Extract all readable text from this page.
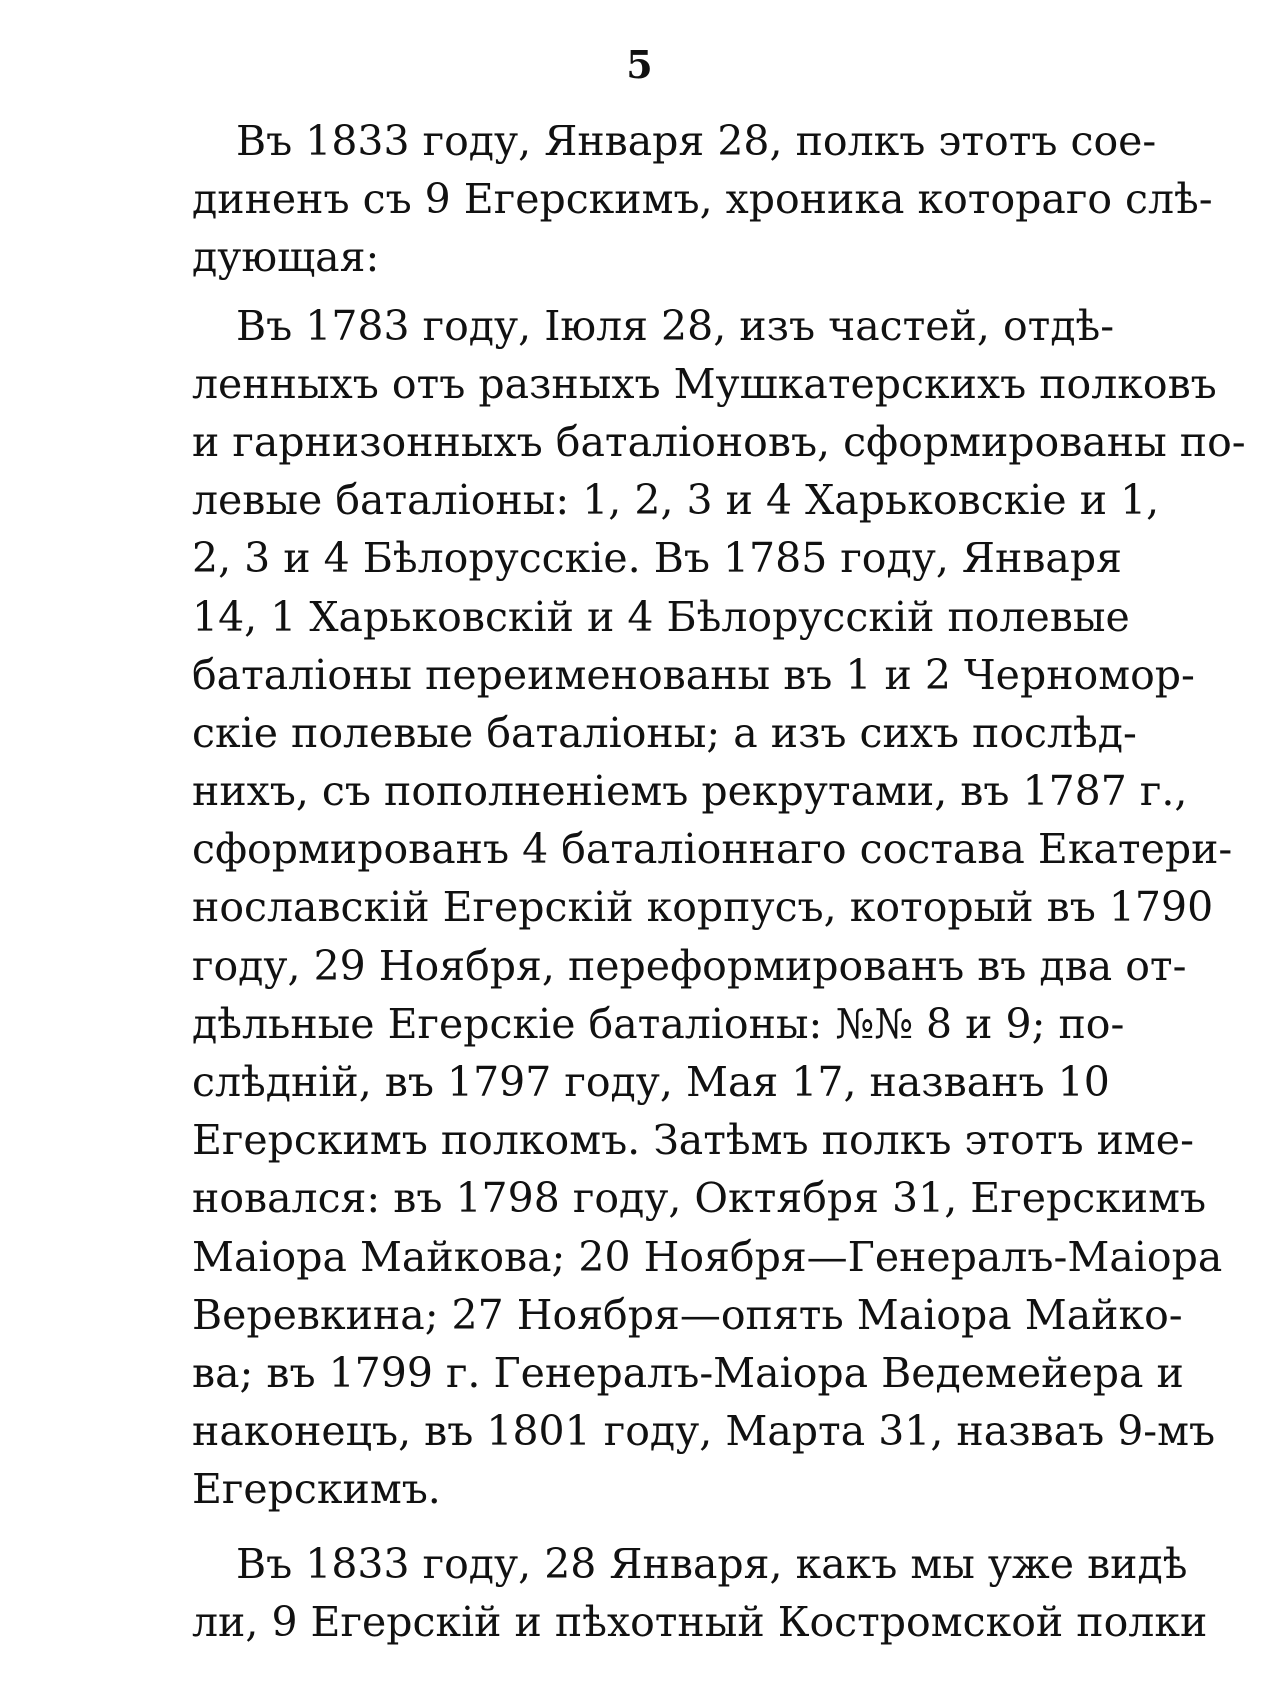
5
Въ 1833 году, Января 28, полкъ этотъ сое-
диненъ съ 9 Егерскимъ, хроника котораго слѣ-
дующая:
Въ 1783 году, Іюля 28, изъ частей, отдѣ-
ленныхъ отъ разныхъ Мушкатерскихъ полковъ
и гарнизонныхъ баталіоновъ, сформированы по-
левые баталіоны: 1, 2, 3 и 4 Харьковскіе и 1,
2, 3 и 4 Бѣлорусскіе. Въ 1785 году, Января
14, 1 Харьковскій и 4 Бѣлорусскій полевые
баталіоны переименованы въ 1 и 2 Черномор-
скіе полевые баталіоны; а изъ сихъ послѣд-
нихъ, съ пополненіемъ рекрутами, въ 1787 г.,
сформированъ 4 баталіоннаго состава Екатери-
нославскій Егерскій корпусъ, который въ 1790
году, 29 Ноября, переформированъ въ два от-
дѣльные Егерскіе баталіоны: №№ 8 и 9; по-
слѣдній, въ 1797 году, Мая 17, названъ 10
Егерскимъ полкомъ. Затѣмъ полкъ этотъ име-
новался: въ 1798 году, Октября 31, Егерскимъ
Маіора Майкова; 20 Ноября—Генералъ-Маіора
Веревкина; 27 Ноября—опять Маіора Майко-
ва; въ 1799 г. Генералъ-Маіора Ведемейера и
наконецъ, въ 1801 году, Марта 31, назвaъ 9-мъ
Егерскимъ.
Въ 1833 году, 28 Января, какъ мы уже видѣ
ли, 9 Егерскій и пѣхотный Костромской полки
